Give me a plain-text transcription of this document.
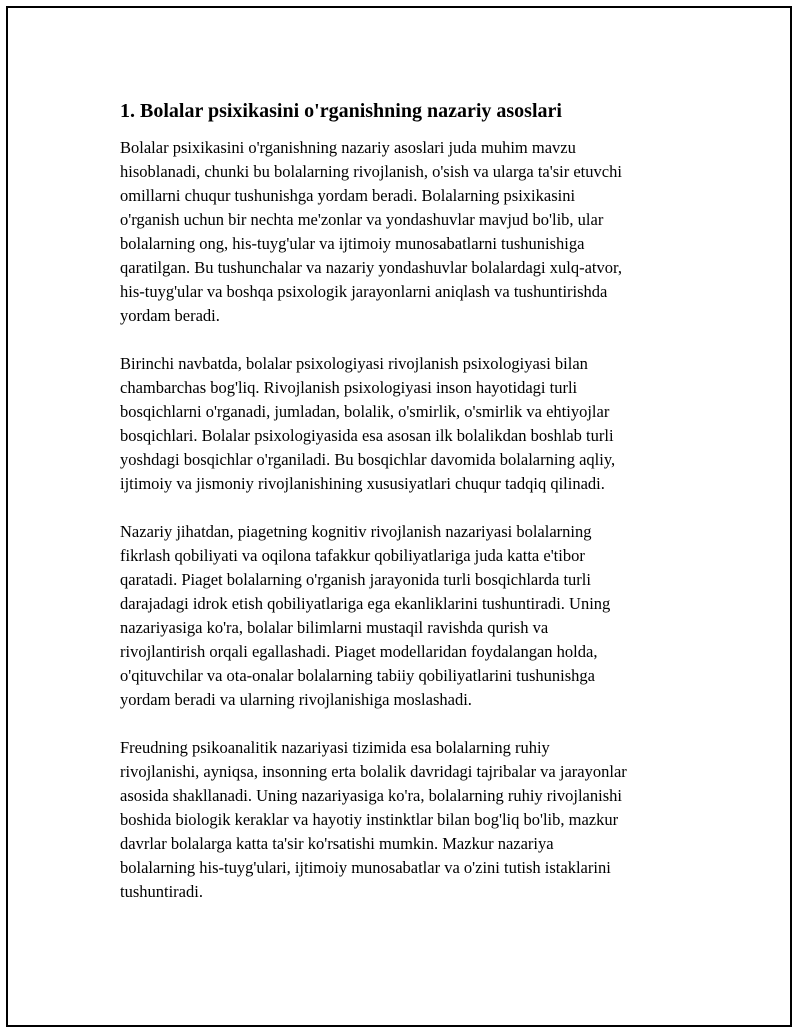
1. Bolalar psixikasini o'rganishning nazariy asoslari

Bolalar psixikasini o'rganishning nazariy asoslari juda muhim mavzu
hisoblanadi, chunki bu bolalarning rivojlanish, o'sish va ularga ta'sir etuvchi
omillarni chuqur tushunishga yordam beradi. Bolalarning psixikasini
o'rganish uchun bir nechta me'zonlar va yondashuvlar mavjud bo'lib, ular
bolalarning ong, his-tuyg'ular va ijtimoiy munosabatlarni tushunishiga
qaratilgan. Bu tushunchalar va nazariy yondashuvlar bolalardagi xulq-atvor,
his-tuyg'ular va boshqa psixologik jarayonlarni aniqlash va tushuntirishda
yordam beradi.

Birinchi navbatda, bolalar psixologiyasi rivojlanish psixologiyasi bilan
chambarchas bog'liq. Rivojlanish psixologiyasi inson hayotidagi turli
bosqichlarni o'rganadi, jumladan, bolalik, o'smirlik, o'smirlik va ehtiyojlar
bosqichlari. Bolalar psixologiyasida esa asosan ilk bolalikdan boshlab turli
yoshdagi bosqichlar o'rganiladi. Bu bosqichlar davomida bolalarning aqliy,
ijtimoiy va jismoniy rivojlanishining xususiyatlari chuqur tadqiq qilinadi.

Nazariy jihatdan, piagetning kognitiv rivojlanish nazariyasi bolalarning
fikrlash qobiliyati va oqilona tafakkur qobiliyatlariga juda katta e'tibor
qaratadi. Piaget bolalarning o'rganish jarayonida turli bosqichlarda turli
darajadagi idrok etish qobiliyatlariga ega ekanliklarini tushuntiradi. Uning
nazariyasiga ko'ra, bolalar bilimlarni mustaqil ravishda qurish va
rivojlantirish orqali egallashadi. Piaget modellaridan foydalangan holda,
o'qituvchilar va ota-onalar bolalarning tabiiy qobiliyatlarini tushunishga
yordam beradi va ularning rivojlanishiga moslashadi.

Freudning psikoanalitik nazariyasi tizimida esa bolalarning ruhiy
rivojlanishi, ayniqsa, insonning erta bolalik davridagi tajribalar va jarayonlar
asosida shakllanadi. Uning nazariyasiga ko'ra, bolalarning ruhiy rivojlanishi
boshida biologik keraklar va hayotiy instinktlar bilan bog'liq bo'lib, mazkur
davrlar bolalarga katta ta'sir ko'rsatishi mumkin. Mazkur nazariya
bolalarning his-tuyg'ulari, ijtimoiy munosabatlar va o'zini tutish istaklarini
tushuntiradi.
